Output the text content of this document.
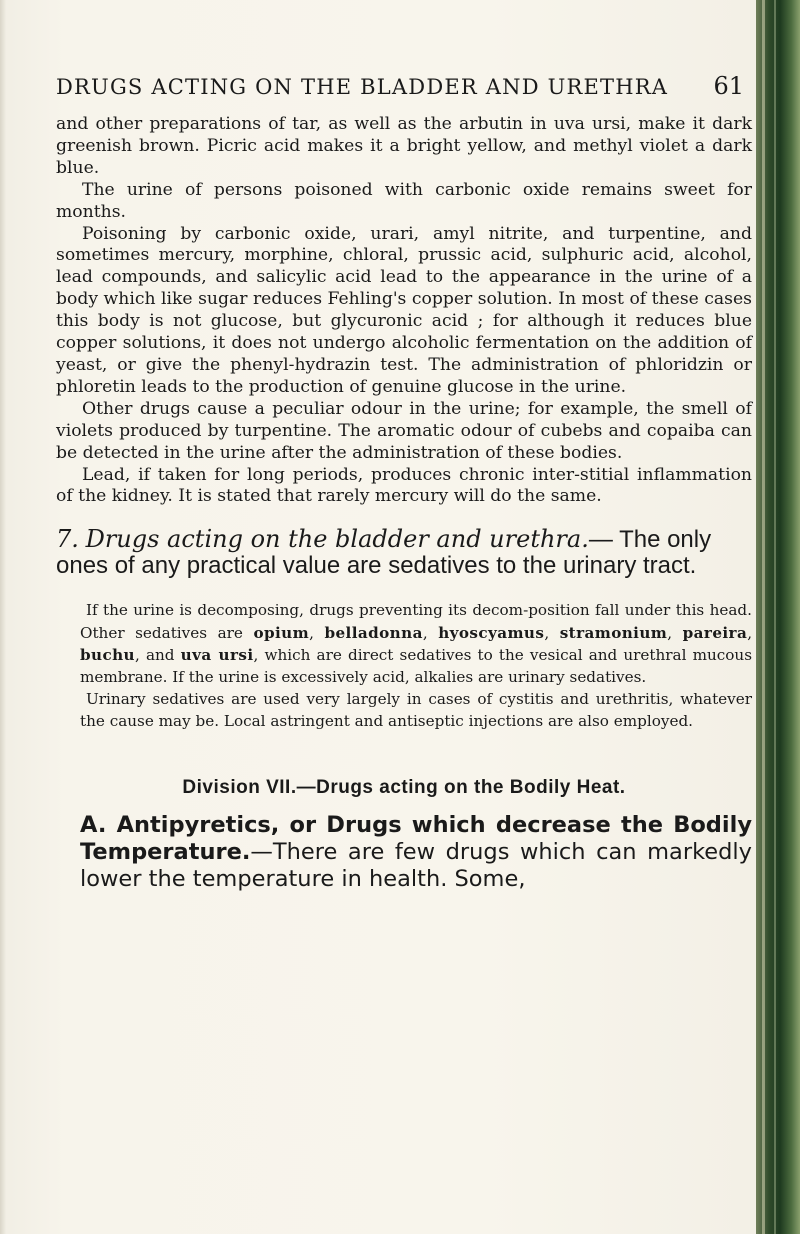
DRUGS ACTING ON THE BLADDER AND URETHRA 61

and other preparations of tar, as well as the arbutin in uva ursi, make it dark greenish brown. Picric acid makes it a bright yellow, and methyl violet a dark blue.

The urine of persons poisoned with carbonic oxide remains sweet for months.

Poisoning by carbonic oxide, urari, amyl nitrite, and turpentine, and sometimes mercury, morphine, chloral, prussic acid, sulphuric acid, alcohol, lead compounds, and salicylic acid lead to the appearance in the urine of a body which like sugar reduces Fehling's copper solution. In most of these cases this body is not glucose, but glycuronic acid ; for although it reduces blue copper solutions, it does not undergo alcoholic fermentation on the addition of yeast, or give the phenyl-hydrazin test. The administration of phloridzin or phloretin leads to the production of genuine glucose in the urine.

Other drugs cause a peculiar odour in the urine; for example, the smell of violets produced by turpentine. The aromatic odour of cubebs and copaiba can be detected in the urine after the administration of these bodies.

Lead, if taken for long periods, produces chronic inter-stitial inflammation of the kidney. It is stated that rarely mercury will do the same.

7. Drugs acting on the bladder and urethra.— The only ones of any practical value are sedatives to the urinary tract.

If the urine is decomposing, drugs preventing its decom-position fall under this head. Other sedatives are opium, belladonna, hyoscyamus, stramonium, pareira, buchu, and uva ursi, which are direct sedatives to the vesical and urethral mucous membrane. If the urine is excessively acid, alkalies are urinary sedatives.

Urinary sedatives are used very largely in cases of cystitis and urethritis, whatever the cause may be. Local astringent and antiseptic injections are also employed.

Division VII.—Drugs acting on the Bodily Heat.
A. Antipyretics, or Drugs which decrease the Bodily Temperature.—There are few drugs which can markedly lower the temperature in health. Some,
